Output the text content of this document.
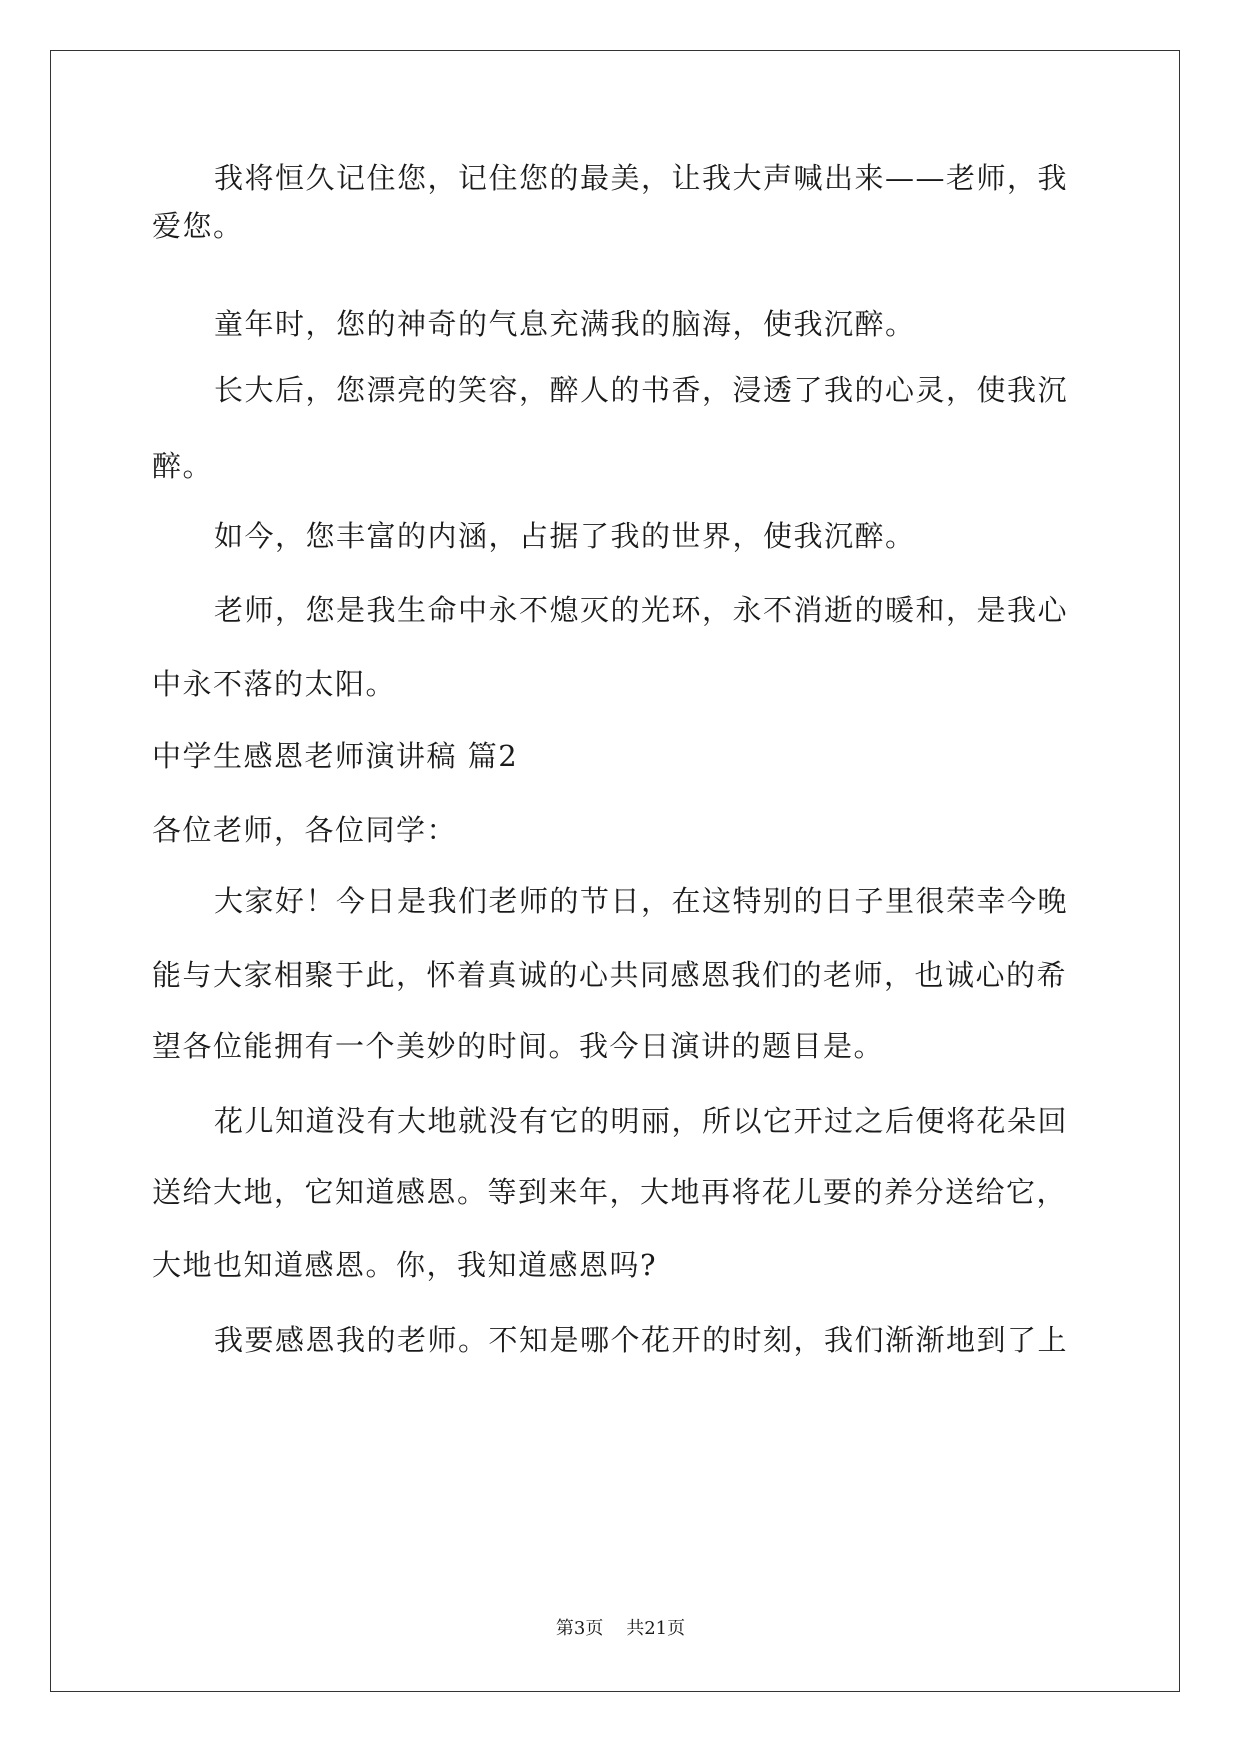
我将恒久记住您，记住您的最美，让我大声喊出来——老师，我
爱您。
童年时，您的神奇的气息充满我的脑海，使我沉醉。
长大后，您漂亮的笑容，醉人的书香，浸透了我的心灵，使我沉
醉。
如今，您丰富的内涵，占据了我的世界，使我沉醉。
老师，您是我生命中永不熄灭的光环，永不消逝的暖和，是我心
中永不落的太阳。
中学生感恩老师演讲稿 篇2
各位老师，各位同学：
大家好！今日是我们老师的节日，在这特别的日子里很荣幸今晚
能与大家相聚于此，怀着真诚的心共同感恩我们的老师，也诚心的希
望各位能拥有一个美妙的时间。我今日演讲的题目是。
花儿知道没有大地就没有它的明丽，所以它开过之后便将花朵回
送给大地，它知道感恩。等到来年，大地再将花儿要的养分送给它，
大地也知道感恩。你，我知道感恩吗?
我要感恩我的老师。不知是哪个花开的时刻，我们渐渐地到了上
第3页    共21页
